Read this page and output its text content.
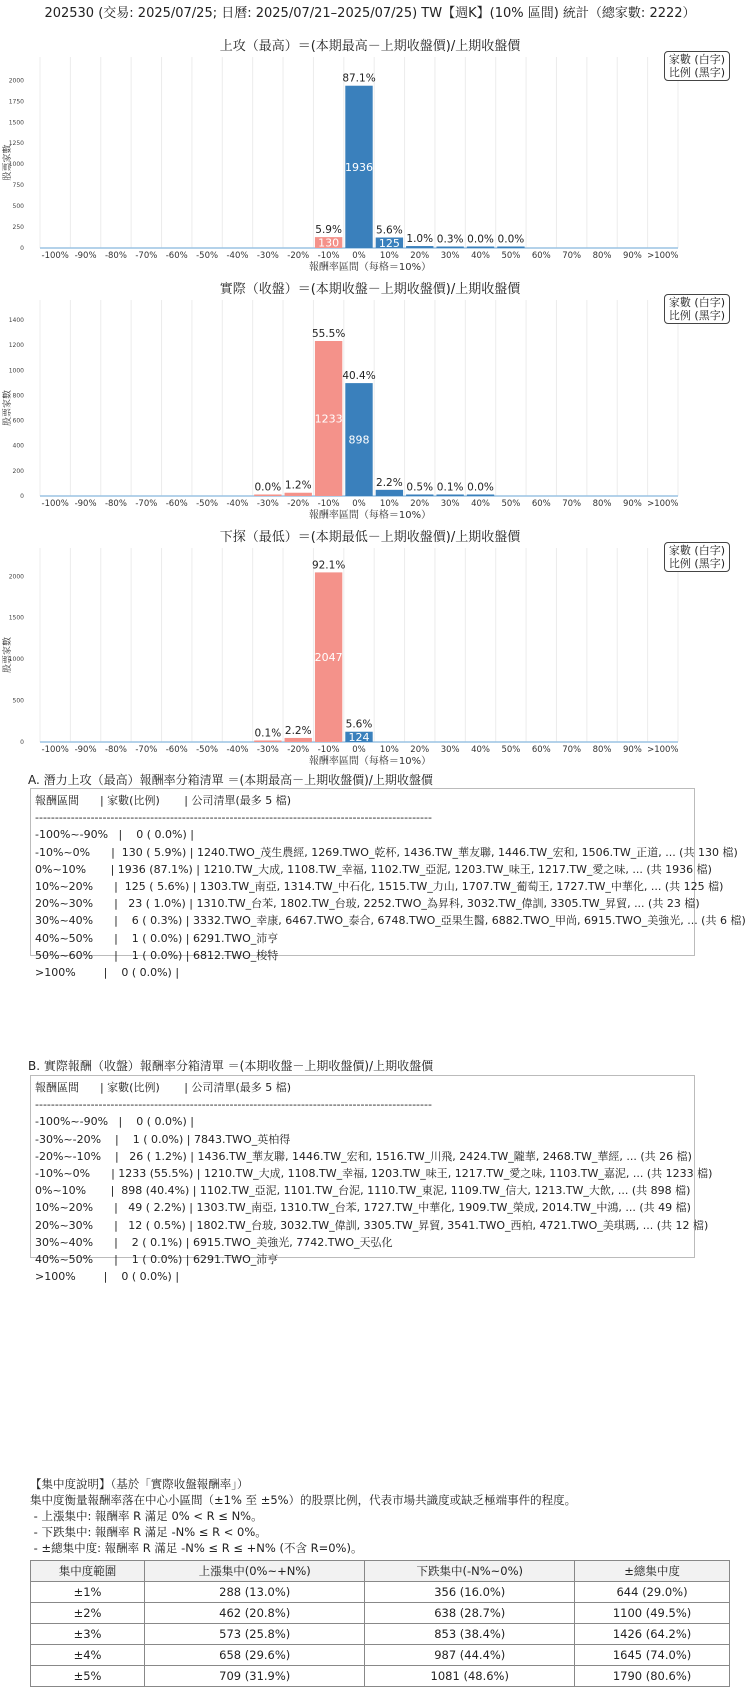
202530 (交易: 2025/07/25; 日曆: 2025/07/21–2025/07/25) TW【週K】(10% 區間) 統計（總家數: 2222）
上攻（最高）＝(本期最高－上期收盤價)/上期收盤價
0
250
500
750
1000
1250
1500
1750
2000
股票家數
-100% -90% -80% -70% -60% -50% -40% -30% -20%
130
5.9%
-10%
1936
87.1%
0%
125
5.6%
10%
1.0%
20%
0.3%
30%
0.0%
40%
0.0%
50% 60% 70% 80% 90% >100%
報酬率區間（每格＝10%）
家數 (白字)
比例 (黑字)
實際（收盤）＝(本期收盤－上期收盤價)/上期收盤價
0
200
400
600
800
1000
1200
1400
股票家數
-100% -90% -80% -70% -60% -50% -40%
0.0%
-30%
1.2%
-20%
1233
55.5%
-10%
898
40.4%
0%
2.2%
10%
0.5%
20%
0.1%
30%
0.0%
40% 50% 60% 70% 80% 90% >100%
報酬率區間（每格＝10%）
家數 (白字)
比例 (黑字)
下探（最低）＝(本期最低－上期收盤價)/上期收盤價
0
500
1000
1500
2000
股票家數
-100% -90% -80% -70% -60% -50% -40%
0.1%
-30%
2.2%
-20%
2047
92.1%
-10%
124
5.6%
0% 10% 20% 30% 40% 50% 60% 70% 80% 90% >100%
報酬率區間（每格＝10%）
家數 (白字)
比例 (黑字)
A. 潛力上攻（最高）報酬率分箱清單 ＝(本期最高－上期收盤價)/上期收盤價
報酬區間      | 家數(比例)       | 公司清單(最多 5 檔)
----------------------------------------------------------------------------------------------------
-100%~-90%   |    0 ( 0.0%) |
-10%~0%      |  130 ( 5.9%) | 1240.TWO_茂生農經, 1269.TWO_乾杯, 1436.TW_華友聯, 1446.TW_宏和, 1506.TW_正道, ... (共 130 檔)
0%~10%       | 1936 (87.1%) | 1210.TW_大成, 1108.TW_幸福, 1102.TW_亞泥, 1203.TW_味王, 1217.TW_愛之味, ... (共 1936 檔)
10%~20%      |  125 ( 5.6%) | 1303.TW_南亞, 1314.TW_中石化, 1515.TW_力山, 1707.TW_葡萄王, 1727.TW_中華化, ... (共 125 檔)
20%~30%      |   23 ( 1.0%) | 1310.TW_台苯, 1802.TW_台玻, 2252.TWO_為昇科, 3032.TW_偉訓, 3305.TW_昇貿, ... (共 23 檔)
30%~40%      |    6 ( 0.3%) | 3332.TWO_幸康, 6467.TWO_泰合, 6748.TWO_亞果生醫, 6882.TWO_甲尚, 6915.TWO_美強光, ... (共 6 檔)
40%~50%      |    1 ( 0.0%) | 6291.TWO_沛亨
50%~60%      |    1 ( 0.0%) | 6812.TWO_梭特
>100%        |    0 ( 0.0%) |
B. 實際報酬（收盤）報酬率分箱清單 ＝(本期收盤－上期收盤價)/上期收盤價
報酬區間      | 家數(比例)       | 公司清單(最多 5 檔)
----------------------------------------------------------------------------------------------------
-100%~-90%   |    0 ( 0.0%) |
-30%~-20%    |    1 ( 0.0%) | 7843.TWO_英柏得
-20%~-10%    |   26 ( 1.2%) | 1436.TW_華友聯, 1446.TW_宏和, 1516.TW_川飛, 2424.TW_隴華, 2468.TW_華經, ... (共 26 檔)
-10%~0%      | 1233 (55.5%) | 1210.TW_大成, 1108.TW_幸福, 1203.TW_味王, 1217.TW_愛之味, 1103.TW_嘉泥, ... (共 1233 檔)
0%~10%       |  898 (40.4%) | 1102.TW_亞泥, 1101.TW_台泥, 1110.TW_東泥, 1109.TW_信大, 1213.TW_大飲, ... (共 898 檔)
10%~20%      |   49 ( 2.2%) | 1303.TW_南亞, 1310.TW_台苯, 1727.TW_中華化, 1909.TW_榮成, 2014.TW_中鴻, ... (共 49 檔)
20%~30%      |   12 ( 0.5%) | 1802.TW_台玻, 3032.TW_偉訓, 3305.TW_昇貿, 3541.TWO_西柏, 4721.TWO_美琪瑪, ... (共 12 檔)
30%~40%      |    2 ( 0.1%) | 6915.TWO_美強光, 7742.TWO_天弘化
40%~50%      |    1 ( 0.0%) | 6291.TWO_沛亨
>100%        |    0 ( 0.0%) |
【集中度說明】（基於「實際收盤報酬率」）
集中度衡量報酬率落在中心小區間（±1% 至 ±5%）的股票比例，代表市場共識度或缺乏極端事件的程度。
- 上漲集中: 報酬率 R 滿足 0% < R ≤ N%。
- 下跌集中: 報酬率 R 滿足 -N% ≤ R < 0%。
- ±總集中度: 報酬率 R 滿足 -N% ≤ R ≤ +N% (不含 R=0%)。
集中度範圍	上漲集中(0%~+N%)	下跌集中(-N%~0%)	±總集中度
±1%	288 (13.0%)	356 (16.0%)	644 (29.0%)
±2%	462 (20.8%)	638 (28.7%)	1100 (49.5%)
±3%	573 (25.8%)	853 (38.4%)	1426 (64.2%)
±4%	658 (29.6%)	987 (44.4%)	1645 (74.0%)
±5%	709 (31.9%)	1081 (48.6%)	1790 (80.6%)
